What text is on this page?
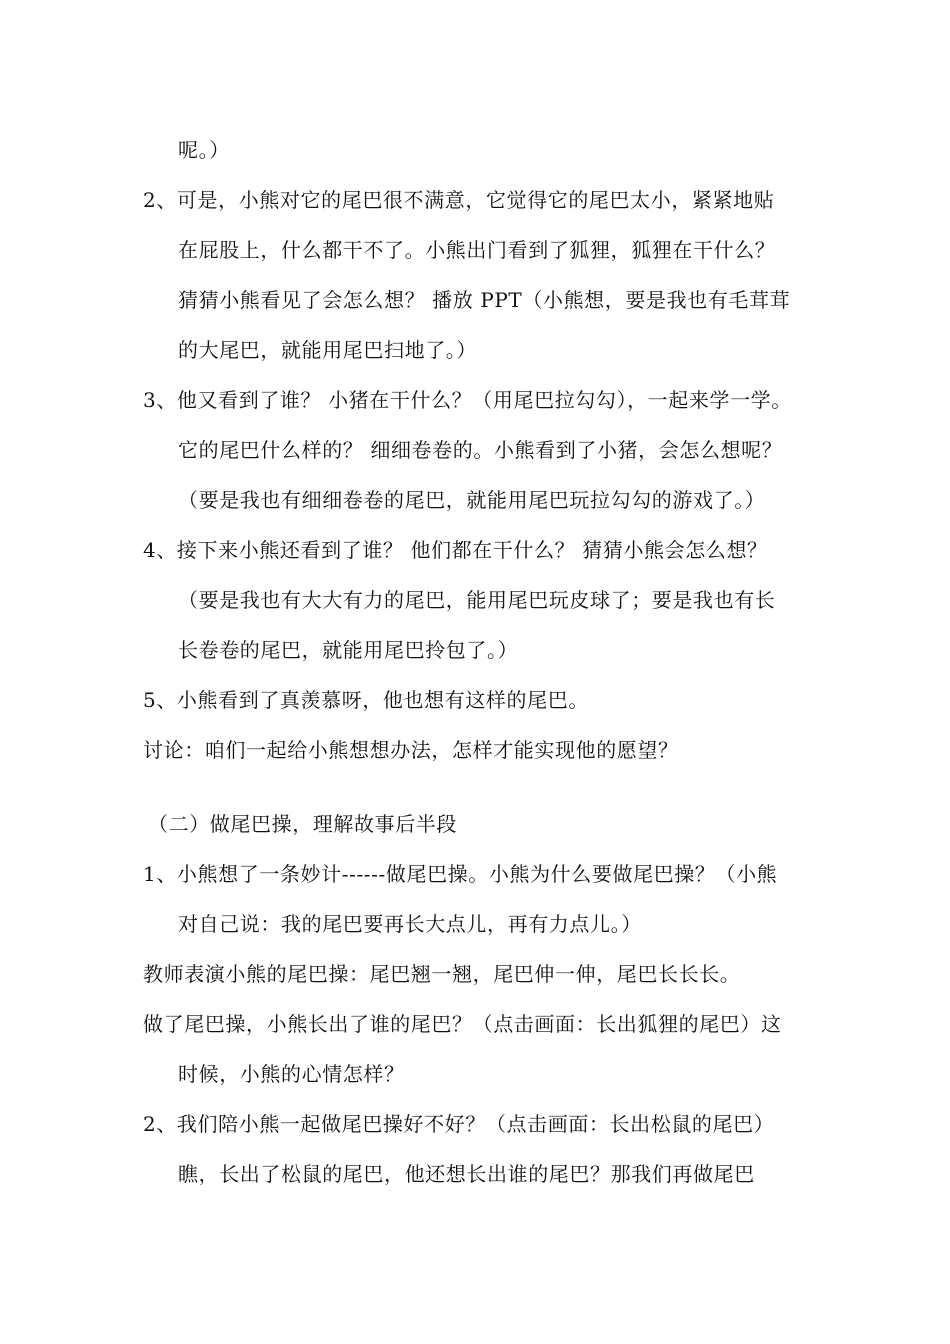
呢。）
2、可是，小熊对它的尾巴很不满意，它觉得它的尾巴太小，紧紧地贴
在屁股上，什么都干不了。小熊出门看到了狐狸，狐狸在干什么？
猜猜小熊看见了会怎么想？ 播放 PPT（小熊想，要是我也有毛茸茸
的大尾巴，就能用尾巴扫地了。）
3、他又看到了谁？ 小猪在干什么？（用尾巴拉勾勾），一起来学一学。
它的尾巴什么样的？ 细细卷卷的。小熊看到了小猪，会怎么想呢？
（要是我也有细细卷卷的尾巴，就能用尾巴玩拉勾勾的游戏了。）
4、接下来小熊还看到了谁？ 他们都在干什么？ 猜猜小熊会怎么想？
（要是我也有大大有力的尾巴，能用尾巴玩皮球了；要是我也有长
长卷卷的尾巴，就能用尾巴拎包了。）
5、小熊看到了真羡慕呀，他也想有这样的尾巴。
讨论：咱们一起给小熊想想办法，怎样才能实现他的愿望？
（二）做尾巴操，理解故事后半段
1、小熊想了一条妙计------做尾巴操。小熊为什么要做尾巴操？（小熊
对自己说：我的尾巴要再长大点儿，再有力点儿。）
教师表演小熊的尾巴操：尾巴翘一翘，尾巴伸一伸，尾巴长长长。
做了尾巴操，小熊长出了谁的尾巴？（点击画面：长出狐狸的尾巴）这
时候，小熊的心情怎样？
2、我们陪小熊一起做尾巴操好不好？（点击画面：长出松鼠的尾巴）
瞧，长出了松鼠的尾巴，他还想长出谁的尾巴？那我们再做尾巴
